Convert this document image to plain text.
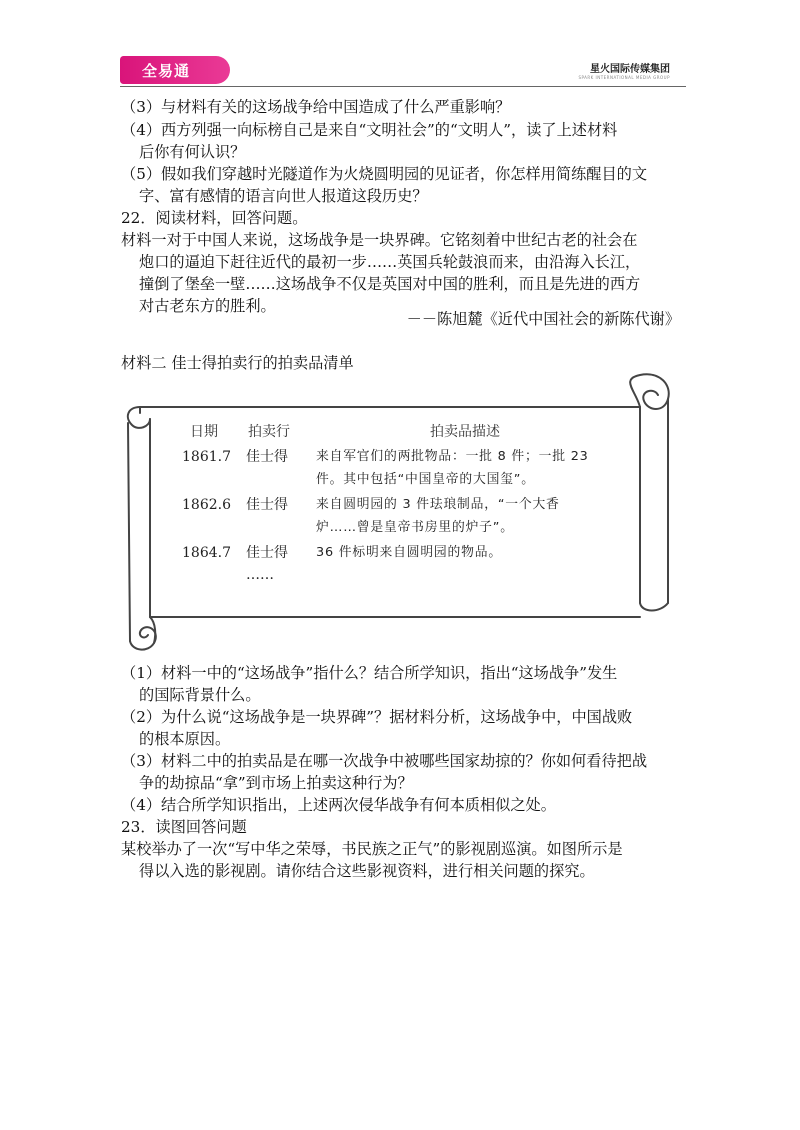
全易通	星火国际传媒集团
SPARK INTERNATIONAL MEDIA GROUP
（3）与材料有关的这场战争给中国造成了什么严重影响？
（4）西方列强一向标榜自己是来自“文明社会”的“文明人”，读了上述材料
后你有何认识？
（5）假如我们穿越时光隧道作为火烧圆明园的见证者，你怎样用简练醒目的文
字、富有感情的语言向世人报道这段历史？
22．阅读材料，回答问题。
材料一对于中国人来说，这场战争是一块界碑。它铭刻着中世纪古老的社会在
炮口的逼迫下赶往近代的最初一步……英国兵轮鼓浪而来，由沿海入长江，
撞倒了堡垒一壁……这场战争不仅是英国对中国的胜利，而且是先进的西方
对古老东方的胜利。
－－陈旭麓《近代中国社会的新陈代谢》
材料二 佳士得拍卖行的拍卖品清单
日期 拍卖行	拍卖品描述
1861.7 佳士得 来自军官们的两批物品：一批 8 件；一批 23
件。其中包括“中国皇帝的大国玺”。
1862.6 佳士得 来自圆明园的 3 件珐琅制品，“一个大香
炉……曾是皇帝书房里的炉子”。
1864.7 佳士得 36 件标明来自圆明园的物品。
……
（1）材料一中的“这场战争”指什么？结合所学知识，指出“这场战争”发生
的国际背景什么。
（2）为什么说“这场战争是一块界碑”？据材料分析，这场战争中，中国战败
的根本原因。
（3）材料二中的拍卖品是在哪一次战争中被哪些国家劫掠的？你如何看待把战
争的劫掠品“拿”到市场上拍卖这种行为？
（4）结合所学知识指出，上述两次侵华战争有何本质相似之处。
23．读图回答问题
某校举办了一次“写中华之荣辱，书民族之正气”的影视剧巡演。如图所示是
得以入选的影视剧。请你结合这些影视资料，进行相关问题的探究。
